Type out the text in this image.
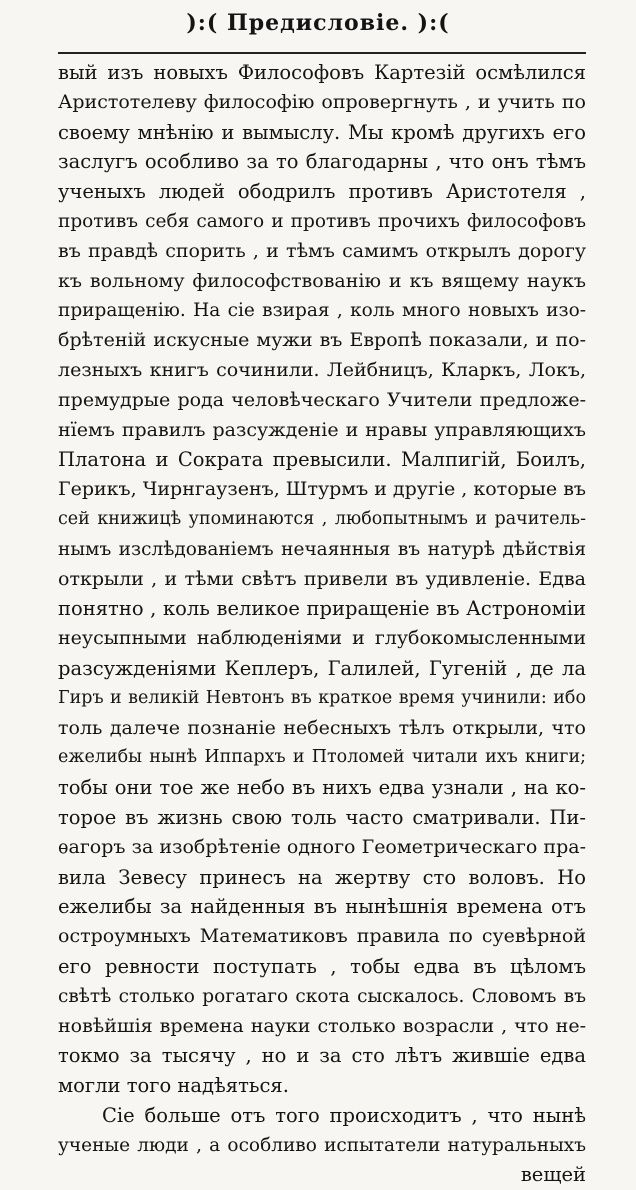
):( Предисловіе. ):(
вый изъ новыхъ Философовъ Картезій осмѣлился
Аристотелеву философію опровергнуть , и учить по
своему мнѣнію и вымыслу. Мы кромѣ другихъ его
заслугъ особливо за то благодарны , что онъ тѣмъ
ученыхъ людей ободрилъ противъ Аристотеля ,
противъ себя самого и противъ прочихъ философовъ
въ правдѣ спорить , и тѣмъ самимъ открылъ дорогу
къ вольному философствованію и къ вящему наукъ
приращенію. На сіе взирая , коль много новыхъ изо-
брѣтеній искусные мужи въ Европѣ показали, и по-
лезныхъ книгъ сочинили. Лейбницъ, Кларкъ, Локъ,
премудрые рода человѣческаго Учители предложе-
нїемъ правилъ разсужденіе и нравы управляющихъ
Платона и Сократа превысили. Малпигій, Боилъ,
Герикъ, Чирнгаузенъ, Штурмъ и другіе , которые въ
сей книжицѣ упоминаются , любопытнымъ и рачитель-
нымъ изслѣдованіемъ нечаянныя въ натурѣ дѣйствія
открыли , и тѣми свѣтъ привели въ удивленіе. Едва
понятно , коль великое приращеніе въ Астрономіи
неусыпными наблюденіями и глубокомысленными
разсужденіями Кеплеръ, Галилей, Гугеній , де ла
Гиръ и великій Невтонъ въ краткое время учинили: ибо
толь далече познаніе небесныхъ тѣлъ открыли, что
ежелибы нынѣ Иппархъ и Птоломей читали ихъ книги;
тобы они тое же небо въ нихъ едва узнали , на ко-
торое въ жизнь свою толь часто сматривали. Пи-
ѳагоръ за изобрѣтеніе одного Геометрическаго пра-
вила Зевесу принесъ на жертву сто воловъ. Но
ежелибы за найденныя въ нынѣшнія времена отъ
остроумныхъ Математиковъ правила по суевѣрной
его ревности поступать , тобы едва въ цѣломъ
свѣтѣ столько рогатаго скота сыскалось. Словомъ въ
новѣйшія времена науки столько возрасли , что не-
токмо за тысячу , но и за сто лѣтъ жившіе едва
могли того надѣяться.
Сіе больше отъ того происходитъ , что нынѣ
ученые люди , а особливо испытатели натуральныхъ
вещей
